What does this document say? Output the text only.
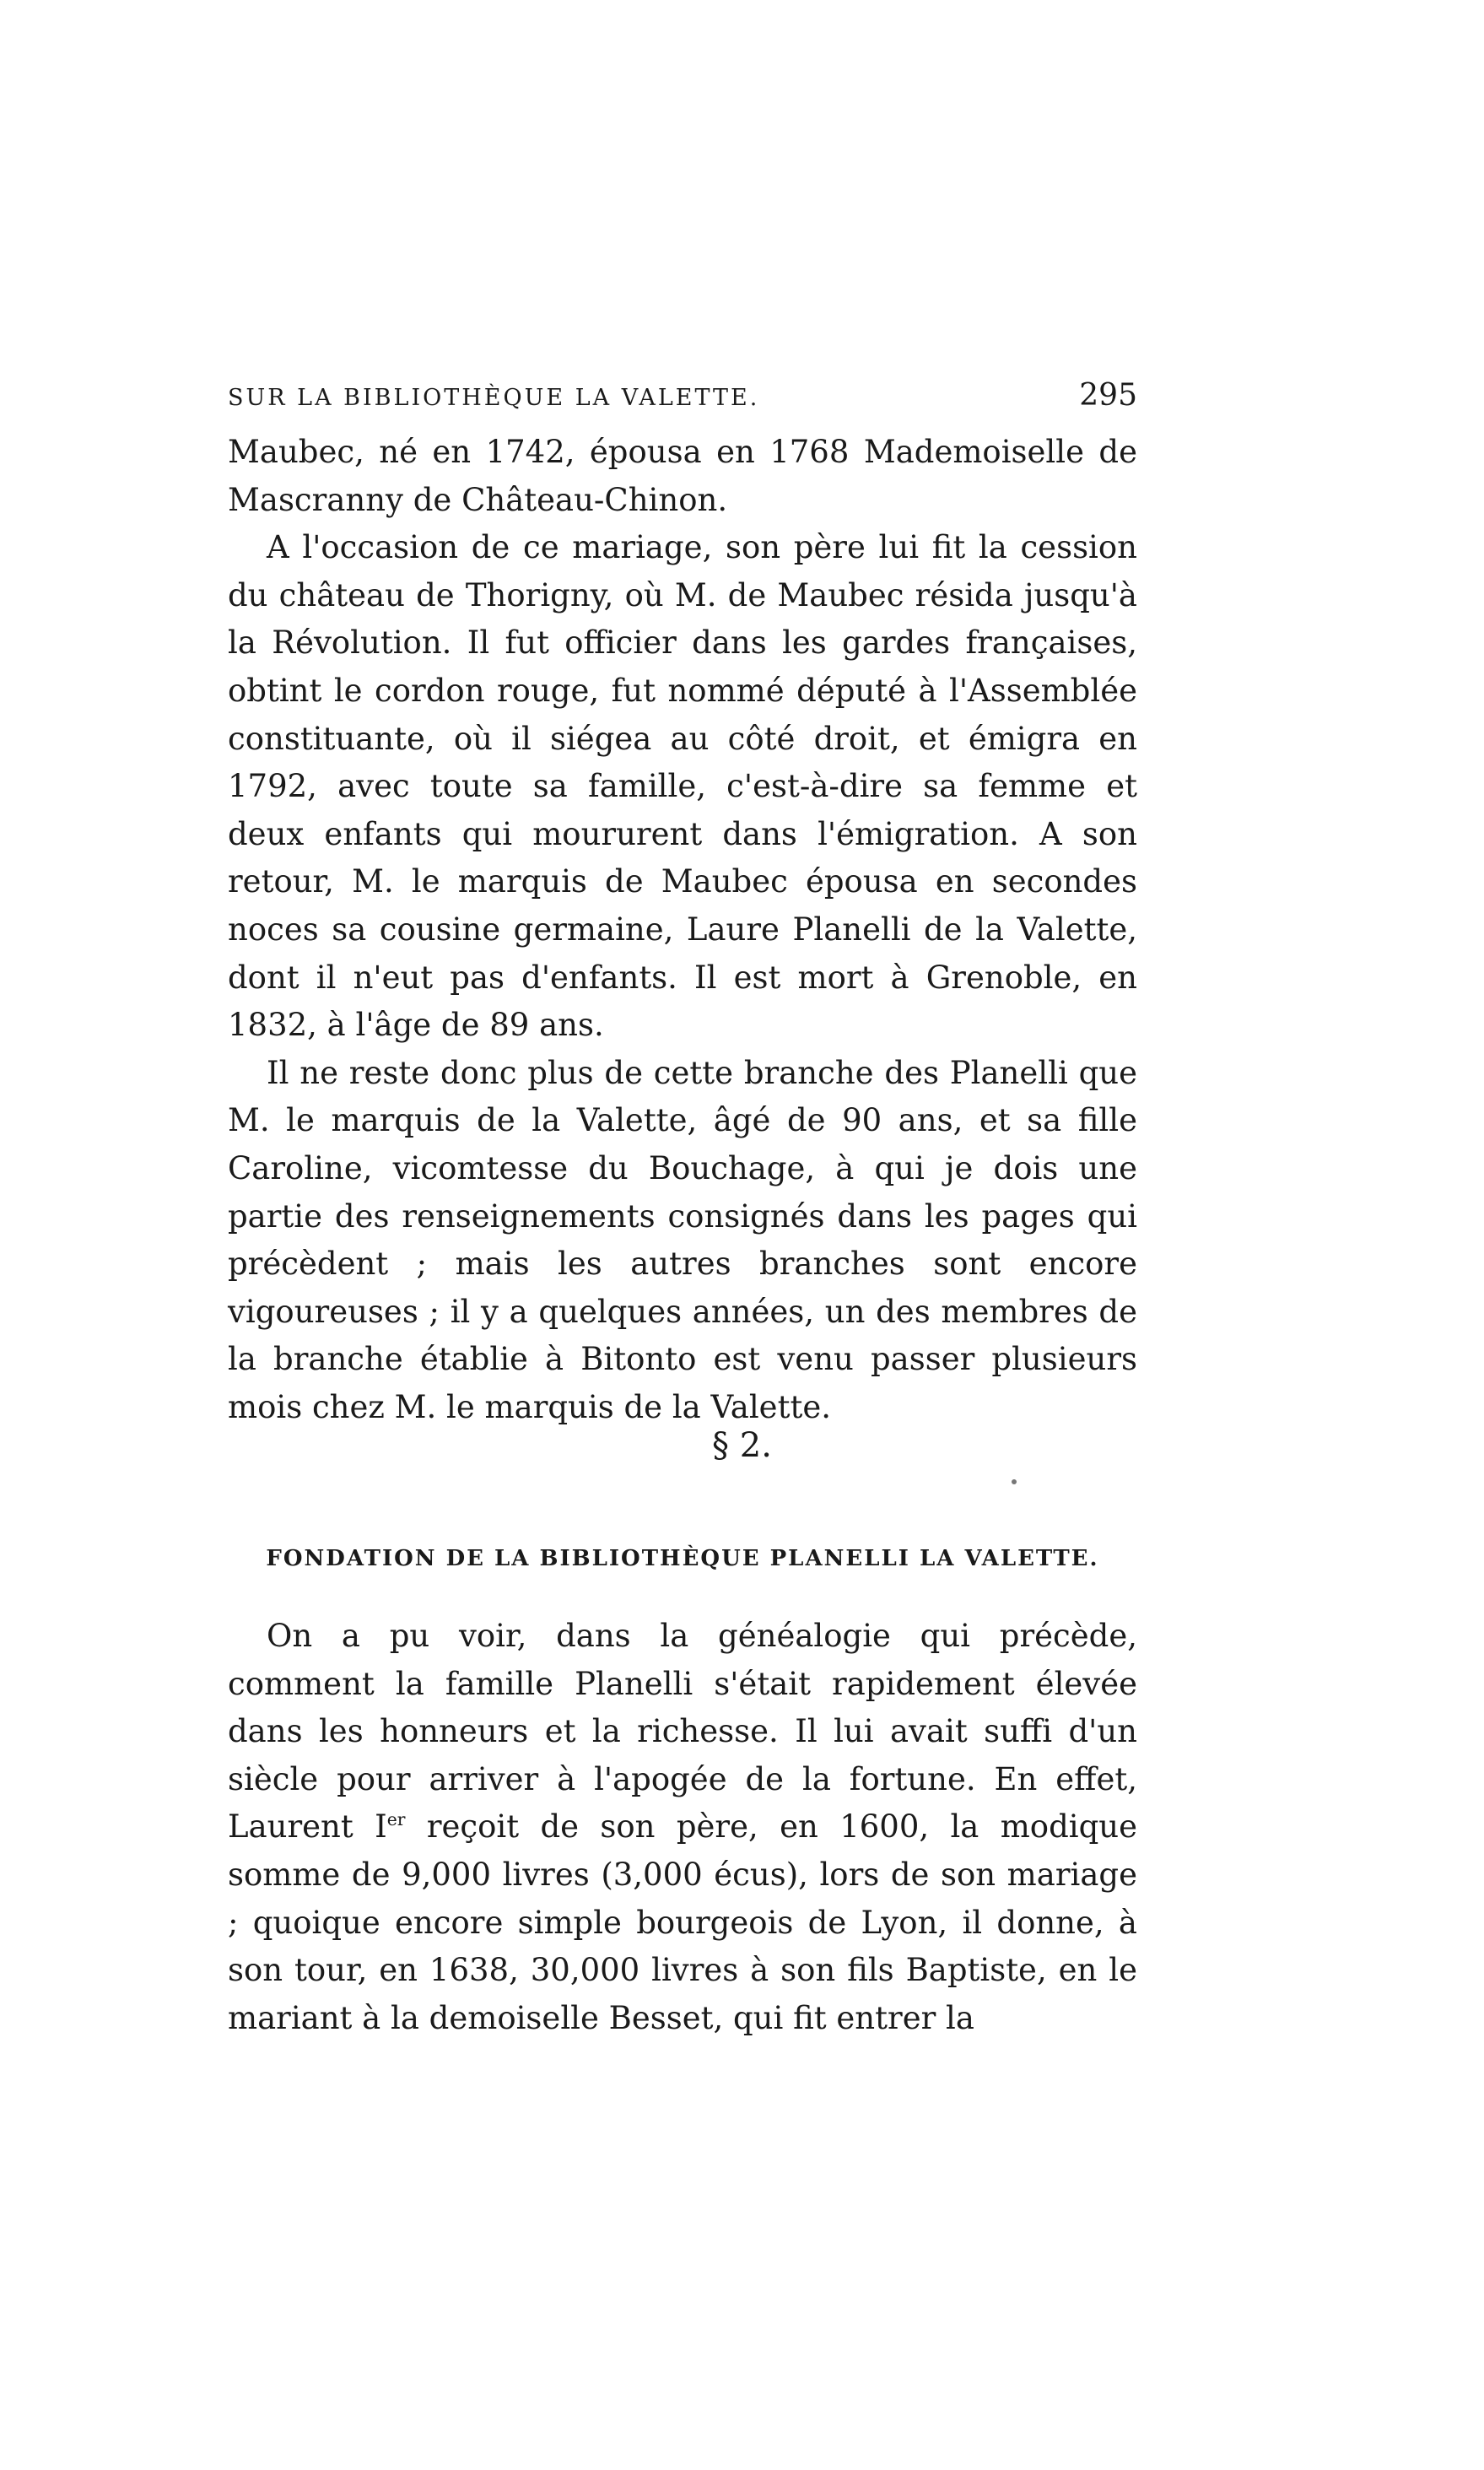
SUR LA BIBLIOTHÈQUE LA VALETTE.	295

Maubec, né en 1742, épousa en 1768 Mademoiselle de Mascranny de Château-Chinon.

A l'occasion de ce mariage, son père lui fit la cession du château de Thorigny, où M. de Maubec résida jusqu'à la Révolution. Il fut officier dans les gardes françaises, obtint le cordon rouge, fut nommé député à l'Assemblée constituante, où il siégea au côté droit, et émigra en 1792, avec toute sa famille, c'est-à-dire sa femme et deux enfants qui moururent dans l'émigration. A son retour, M. le marquis de Maubec épousa en secondes noces sa cousine germaine, Laure Planelli de la Valette, dont il n'eut pas d'enfants. Il est mort à Grenoble, en 1832, à l'âge de 89 ans.

Il ne reste donc plus de cette branche des Planelli que M. le marquis de la Valette, âgé de 90 ans, et sa fille Caroline, vicomtesse du Bouchage, à qui je dois une partie des renseignements consignés dans les pages qui précèdent ; mais les autres branches sont encore vigoureuses ; il y a quelques années, un des membres de la branche établie à Bitonto est venu passer plusieurs mois chez M. le marquis de la Valette.

§ 2.
FONDATION DE LA BIBLIOTHÈQUE PLANELLI LA VALETTE.

On a pu voir, dans la généalogie qui précède, comment la famille Planelli s'était rapidement élevée dans les honneurs et la richesse. Il lui avait suffi d'un siècle pour arriver à l'apogée de la fortune. En effet, Laurent Ier reçoit de son père, en 1600, la modique somme de 9,000 livres (3,000 écus), lors de son mariage ; quoique encore simple bourgeois de Lyon, il donne, à son tour, en 1638, 30,000 livres à son fils Baptiste, en le mariant à la demoiselle Besset, qui fit entrer la
